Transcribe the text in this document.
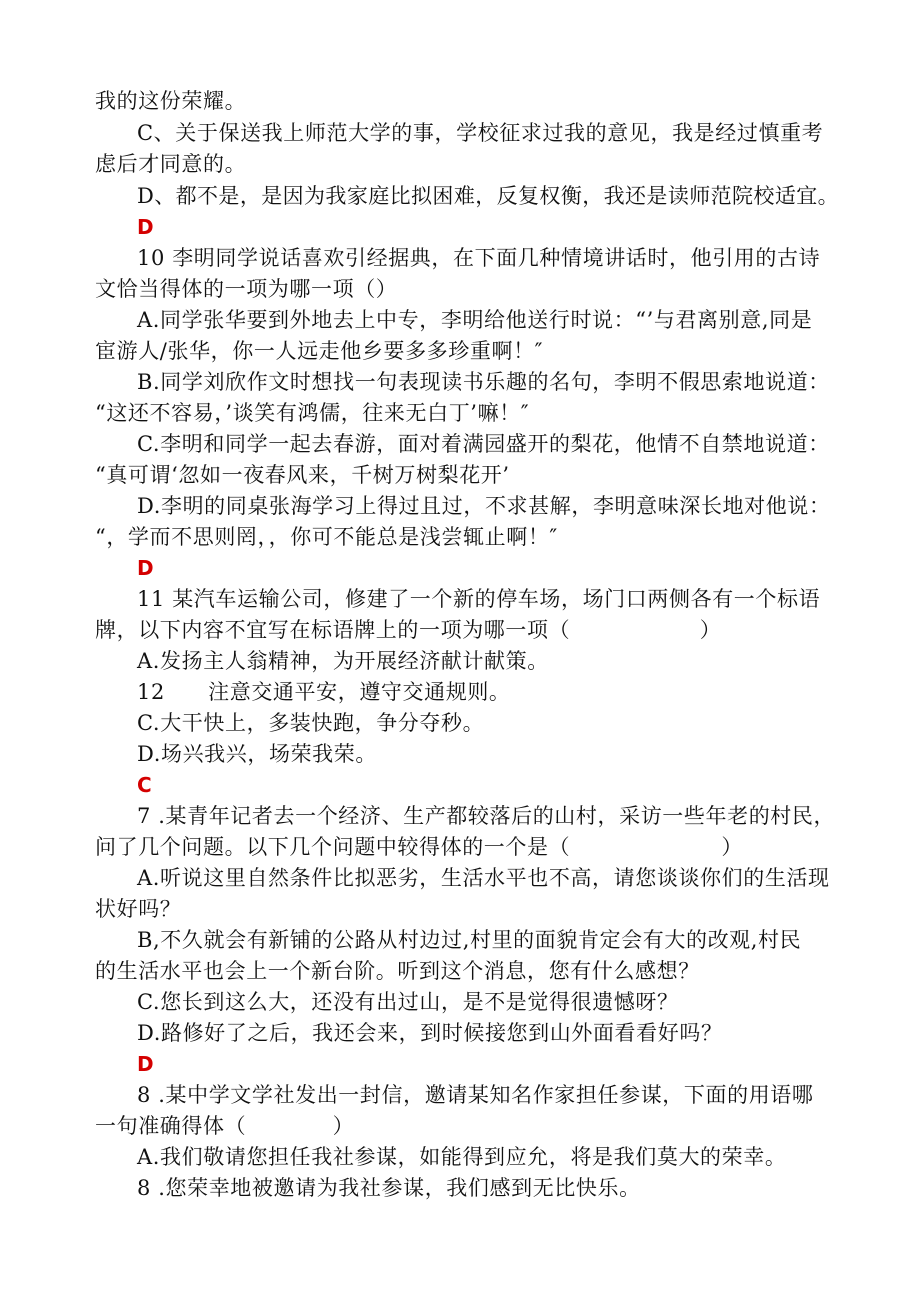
我的这份荣耀。
C、关于保送我上师范大学的事，学校征求过我的意见，我是经过慎重考
虑后才同意的。
D、都不是，是因为我家庭比拟困难，反复权衡，我还是读师范院校适宜。
D
10 李明同学说话喜欢引经据典，在下面几种情境讲话时，他引用的古诗
文恰当得体的一项为哪一项（）
A.同学张华要到外地去上中专，李明给他送行时说：“’与君离别意,同是
宦游人/张华，你一人远走他乡要多多珍重啊！″
B.同学刘欣作文时想找一句表现读书乐趣的名句，李明不假思索地说道：
“这还不容易，’谈笑有鸿儒，往来无白丁’嘛！″
C.李明和同学一起去春游，面对着满园盛开的梨花，他情不自禁地说道：
“真可谓‘忽如一夜春风来，千树万树梨花开’
D.李明的同桌张海学习上得过且过，不求甚解，李明意味深长地对他说：
“，学而不思则罔，，你可不能总是浅尝辄止啊！″
D
11 某汽车运输公司，修建了一个新的停车场，场门口两侧各有一个标语
牌，以下内容不宜写在标语牌上的一项为哪一项（　　　　　　）
A.发扬主人翁精神，为开展经济献计献策。
12　　注意交通平安，遵守交通规则。
C.大干快上，多装快跑，争分夺秒。
D.场兴我兴，场荣我荣。
C
7 .某青年记者去一个经济、生产都较落后的山村，采访一些年老的村民，
问了几个问题。以下几个问题中较得体的一个是（　　　　　　　）
A.听说这里自然条件比拟恶劣，生活水平也不高，请您谈谈你们的生活现
状好吗？
B,不久就会有新铺的公路从村边过,村里的面貌肯定会有大的改观,村民
的生活水平也会上一个新台阶。听到这个消息，您有什么感想？
C.您长到这么大，还没有出过山，是不是觉得很遗憾呀？
D.路修好了之后，我还会来，到时候接您到山外面看看好吗？
D
8 .某中学文学社发出一封信，邀请某知名作家担任参谋，下面的用语哪
一句准确得体（　　　　）
A.我们敬请您担任我社参谋，如能得到应允，将是我们莫大的荣幸。
8 .您荣幸地被邀请为我社参谋，我们感到无比快乐。
